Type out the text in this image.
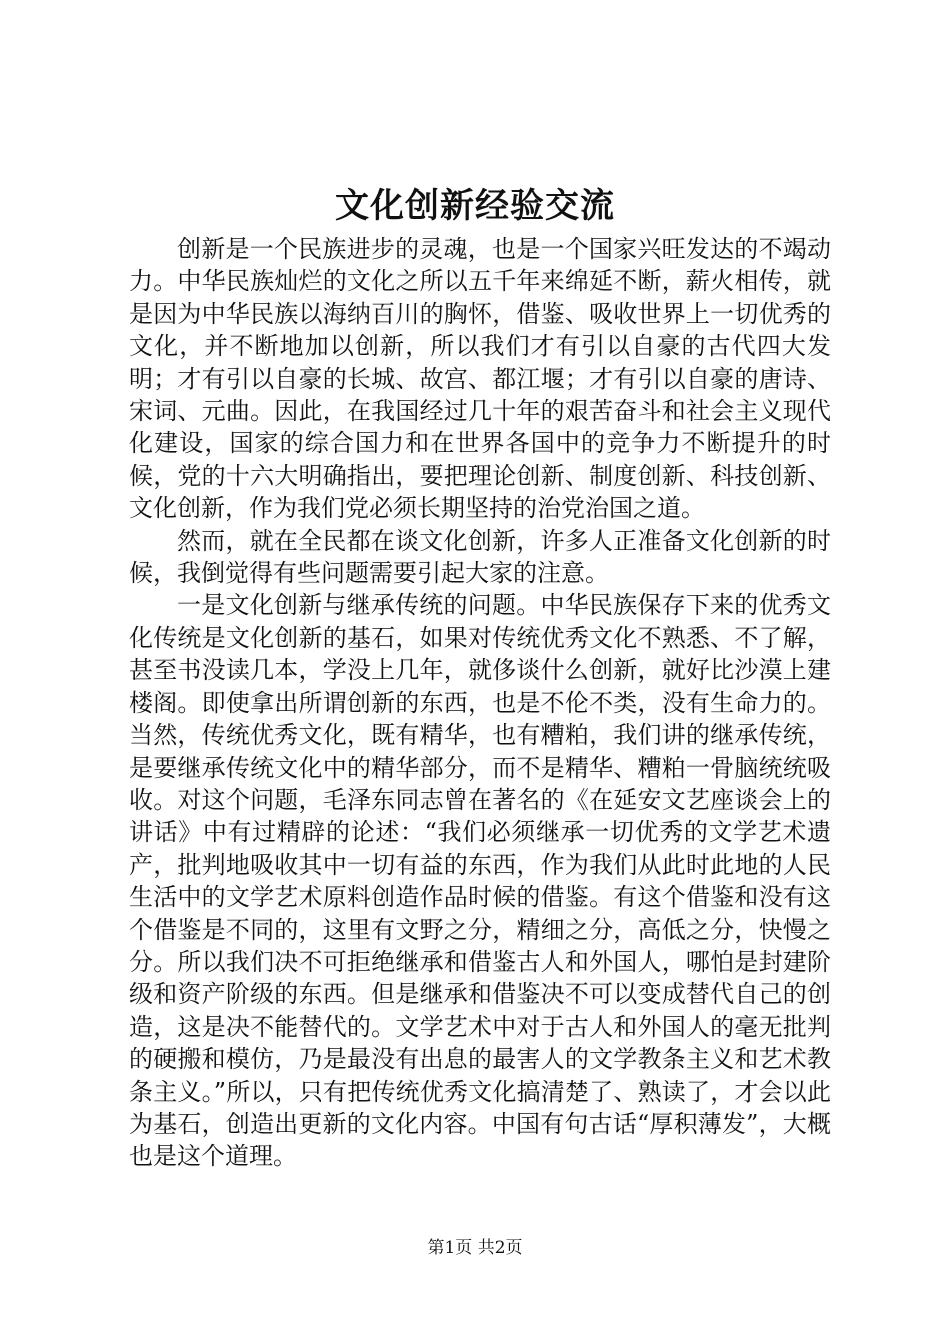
文化创新经验交流

创新是一个民族进步的灵魂，也是一个国家兴旺发达的不竭动力。中华民族灿烂的文化之所以五千年来绵延不断，薪火相传，就是因为中华民族以海纳百川的胸怀，借鉴、吸收世界上一切优秀的文化，并不断地加以创新，所以我们才有引以自豪的古代四大发明；才有引以自豪的长城、故宫、都江堰；才有引以自豪的唐诗、宋词、元曲。因此，在我国经过几十年的艰苦奋斗和社会主义现代化建设，国家的综合国力和在世界各国中的竞争力不断提升的时候，党的十六大明确指出，要把理论创新、制度创新、科技创新、文化创新，作为我们党必须长期坚持的治党治国之道。

然而，就在全民都在谈文化创新，许多人正准备文化创新的时候，我倒觉得有些问题需要引起大家的注意。

一是文化创新与继承传统的问题。中华民族保存下来的优秀文化传统是文化创新的基石，如果对传统优秀文化不熟悉、不了解，甚至书没读几本，学没上几年，就侈谈什么创新，就好比沙漠上建楼阁。即使拿出所谓创新的东西，也是不伦不类，没有生命力的。当然，传统优秀文化，既有精华，也有糟粕，我们讲的继承传统，是要继承传统文化中的精华部分，而不是精华、糟粕一骨脑统统吸收。对这个问题，毛泽东同志曾在著名的《在延安文艺座谈会上的讲话》中有过精辟的论述：“我们必须继承一切优秀的文学艺术遗产，批判地吸收其中一切有益的东西，作为我们从此时此地的人民生活中的文学艺术原料创造作品时候的借鉴。有这个借鉴和没有这个借鉴是不同的，这里有文野之分，精细之分，高低之分，快慢之分。所以我们决不可拒绝继承和借鉴古人和外国人，哪怕是封建阶级和资产阶级的东西。但是继承和借鉴决不可以变成替代自己的创造，这是决不能替代的。文学艺术中对于古人和外国人的毫无批判的硬搬和模仿，乃是最没有出息的最害人的文学教条主义和艺术教条主义。”所以，只有把传统优秀文化搞清楚了、熟读了，才会以此为基石，创造出更新的文化内容。中国有句古话“厚积薄发”，大概也是这个道理。

第1页 共2页
